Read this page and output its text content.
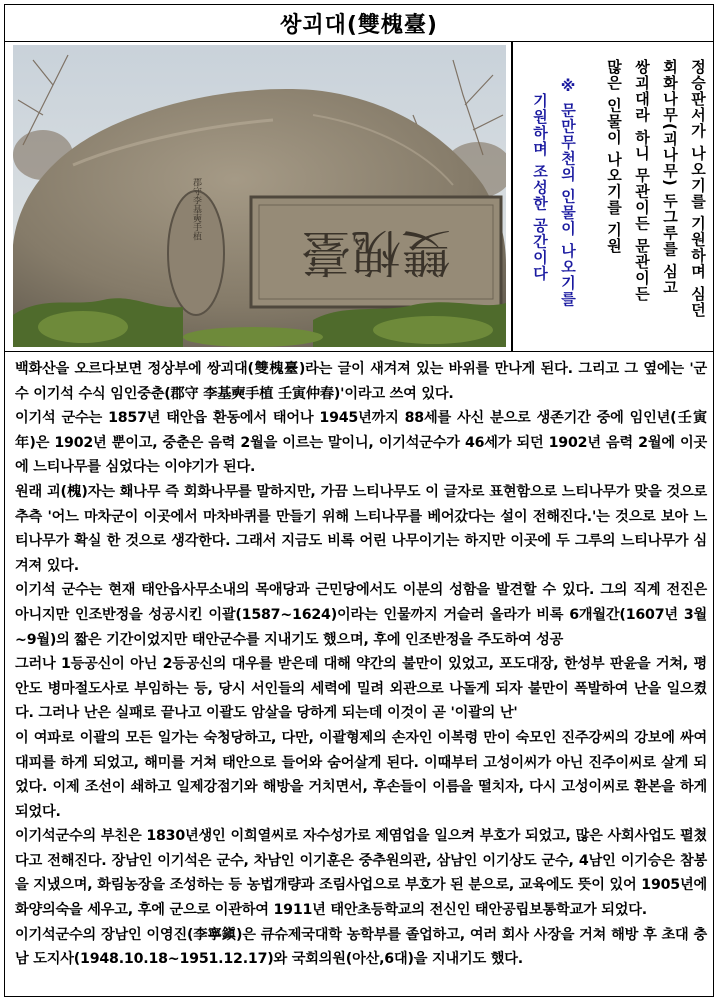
쌍괴대(雙槐臺)
郡守李基奭手植
雙槐臺	정승판서가 나오기를 기원하며 심던
회화나무(괴나무) 두그루를 심고
쌍괴대라 하니 무관이든 문관이든
많은 인물이 나오기를 기원
※ 문만무천의 인물이 나오기를
기원하며 조성한 공간이다

백화산을 오르다보면 정상부에 쌍괴대(雙槐臺)라는 글이 새겨져 있는 바위를 만나게 된다. 그리고 그 옆에는 '군수 이기석 수식 임인중춘(郡守 李基奭手植 壬寅仲春)'이라고 쓰여 있다.

이기석 군수는 1857년 태안읍 환동에서 태어나 1945년까지 88세를 사신 분으로 생존기간 중에 임인년(壬寅年)은 1902년 뿐이고, 중춘은 음력 2월을 이르는 말이니, 이기석군수가 46세가 되던 1902년 음력 2월에 이곳에 느티나무를 심었다는 이야기가 된다.

원래 괴(槐)자는 홰나무 즉 회화나무를 말하지만, 가끔 느티나무도 이 글자로 표현함으로 느티나무가 맞을 것으로 추측 '어느 마차군이 이곳에서 마차바퀴를 만들기 위해 느티나무를 베어갔다는 설이 전해진다.'는 것으로 보아 느티나무가 확실 한 것으로 생각한다. 그래서 지금도 비록 어린 나무이기는 하지만 이곳에 두 그루의 느티나무가 심겨져 있다.

이기석 군수는 현재 태안읍사무소내의 목애당과 근민당에서도 이분의 성함을 발견할 수 있다. 그의 직계 전진은 아니지만 인조반정을 성공시킨 이괄(1587~1624)이라는 인물까지 거슬러 올라가 비록 6개월간(1607년 3월~9월)의 짧은 기간이었지만 태안군수를 지내기도 했으며, 후에 인조반정을 주도하여 성공

그러나 1등공신이 아닌 2등공신의 대우를 받은데 대해 약간의 불만이 있었고, 포도대장, 한성부 판윤을 거쳐, 평안도 병마절도사로 부임하는 등, 당시 서인들의 세력에 밀려 외관으로 나돌게 되자 불만이 폭발하여 난을 일으켰다. 그러나 난은 실패로 끝나고 이괄도 암살을 당하게 되는데 이것이 곧 '이괄의 난'

이 여파로 이괄의 모든 일가는 숙청당하고, 다만, 이괄형제의 손자인 이복령 만이 숙모인 진주강씨의 강보에 싸여 대피를 하게 되었고, 해미를 거쳐 태안으로 들어와 숨어살게 된다. 이때부터 고성이씨가 아닌 진주이씨로 살게 되었다. 이제 조선이 쇄하고 일제강점기와 해방을 거치면서, 후손들이 이름을 떨치자, 다시 고성이씨로 환본을 하게 되었다.

이기석군수의 부친은 1830년생인 이희열씨로 자수성가로 제염업을 일으켜 부호가 되었고, 많은 사회사업도 펼쳤다고 전해진다. 장남인 이기석은 군수, 차남인 이기훈은 중추원의관, 삼남인 이기상도 군수, 4남인 이기승은 참봉을 지냈으며, 화림농장을 조성하는 등 농법개량과 조림사업으로 부호가 된 분으로, 교육에도 뜻이 있어 1905년에 화양의숙을 세우고, 후에 군으로 이관하여 1911년 태안초등학교의 전신인 태안공립보통학교가 되었다.

이기석군수의 장남인 이영진(李寧鎭)은 큐슈제국대학 농학부를 졸업하고, 여러 회사 사장을 거쳐 해방 후 초대 충남 도지사(1948.10.18~1951.12.17)와 국회의원(아산,6대)을 지내기도 했다.
